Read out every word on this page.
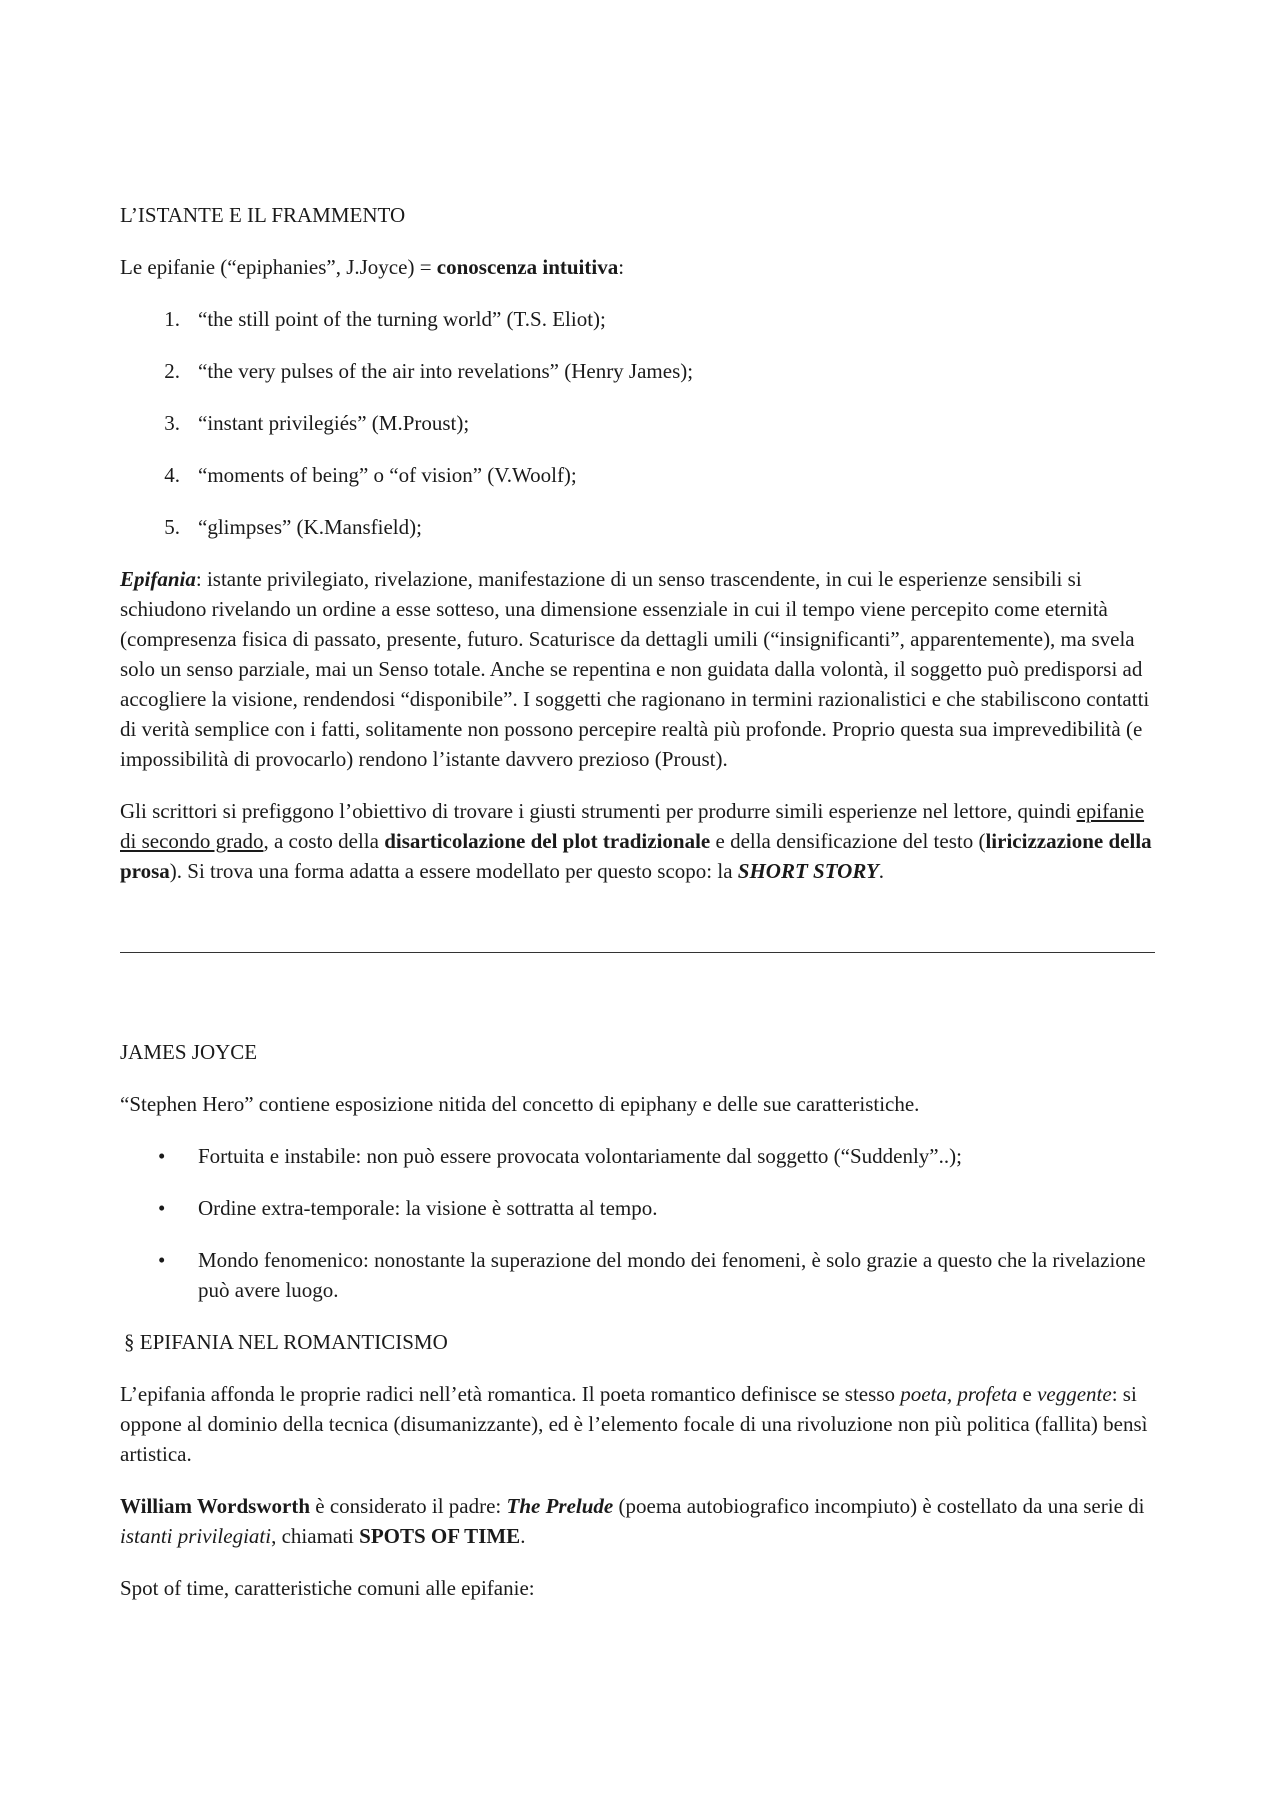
L’ISTANTE E IL FRAMMENTO

Le epifanie (“epiphanies”, J.Joyce) = conoscenza intuitiva:

1. “the still point of the turning world” (T.S. Eliot);
2. “the very pulses of the air into revelations” (Henry James);
3. “instant privilegiés” (M.Proust);
4. “moments of being” o “of vision” (V.Woolf);
5. “glimpses” (K.Mansfield);

Epifania: istante privilegiato, rivelazione, manifestazione di un senso trascendente, in cui le esperienze sensibili si schiudono rivelando un ordine a esse sotteso, una dimensione essenziale in cui il tempo viene percepito come eternità (compresenza fisica di passato, presente, futuro. Scaturisce da dettagli umili (“insignificanti”, apparentemente), ma svela solo un senso parziale, mai un Senso totale. Anche se repentina e non guidata dalla volontà, il soggetto può predisporsi ad accogliere la visione, rendendosi “disponibile”. I soggetti che ragionano in termini razionalistici e che stabiliscono contatti di verità semplice con i fatti, solitamente non possono percepire realtà più profonde. Proprio questa sua imprevedibilità (e impossibilità di provocarlo) rendono l’istante davvero prezioso (Proust).

Gli scrittori si prefiggono l’obiettivo di trovare i giusti strumenti per produrre simili esperienze nel lettore, quindi epifanie di secondo grado, a costo della disarticolazione del plot tradizionale e della densificazione del testo (liricizzazione della prosa). Si trova una forma adatta a essere modellato per questo scopo: la SHORT STORY.

JAMES JOYCE

“Stephen Hero” contiene esposizione nitida del concetto di epiphany e delle sue caratteristiche.

•	Fortuita e instabile: non può essere provocata volontariamente dal soggetto (“Suddenly”..);
•	Ordine extra-temporale: la visione è sottratta al tempo.
•	Mondo fenomenico: nonostante la superazione del mondo dei fenomeni, è solo grazie a questo che la rivelazione può avere luogo.

§ EPIFANIA NEL ROMANTICISMO

L’epifania affonda le proprie radici nell’età romantica. Il poeta romantico definisce se stesso poeta, profeta e veggente: si oppone al dominio della tecnica (disumanizzante), ed è l’elemento focale di una rivoluzione non più politica (fallita) bensì artistica.

William Wordsworth è considerato il padre: The Prelude (poema autobiografico incompiuto) è costellato da una serie di istanti privilegiati, chiamati SPOTS OF TIME.

Spot of time, caratteristiche comuni alle epifanie:
